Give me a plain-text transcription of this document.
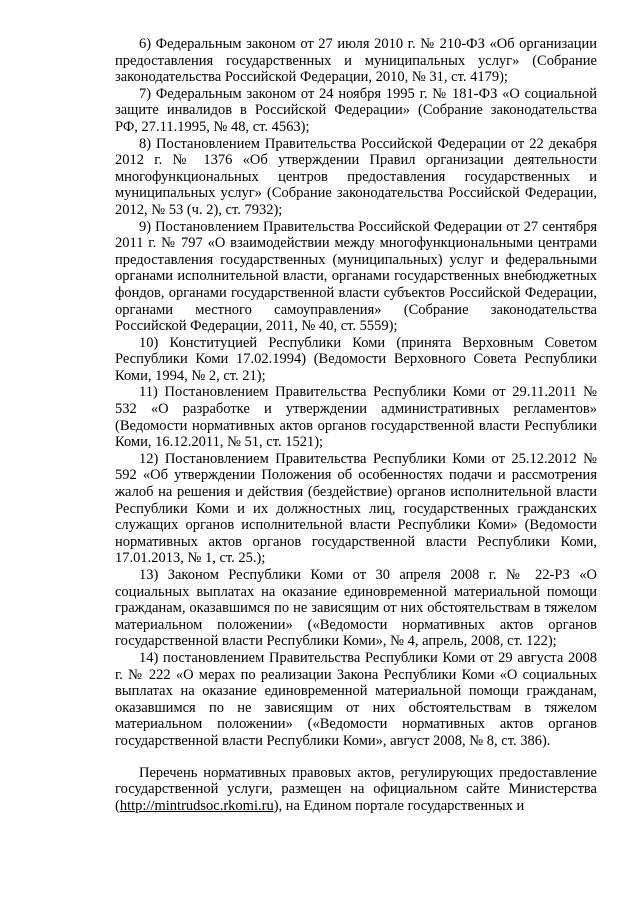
6) Федеральным законом от 27 июля 2010 г. № 210-ФЗ «Об организации предоставления государственных и муниципальных услуг» (Собрание законодательства Российской Федерации, 2010, № 31, ст. 4179);

7) Федеральным законом от 24 ноября 1995 г. № 181-ФЗ «О социальной защите инвалидов в Российской Федерации» (Собрание законодательства РФ, 27.11.1995, № 48, ст. 4563);

8) Постановлением Правительства Российской Федерации от 22 декабря 2012 г. № 1376 «Об утверждении Правил организации деятельности многофункциональных центров предоставления государственных и муниципальных услуг» (Собрание законодательства Российской Федерации, 2012, № 53 (ч. 2), ст. 7932);

9) Постановлением Правительства Российской Федерации от 27 сентября 2011 г. № 797 «О взаимодействии между многофункциональными центрами предоставления государственных (муниципальных) услуг и федеральными органами исполнительной власти, органами государственных внебюджетных фондов, органами государственной власти субъектов Российской Федерации, органами местного самоуправления» (Собрание законодательства Российской Федерации, 2011, № 40, ст. 5559);

10) Конституцией Республики Коми (принята Верховным Советом Республики Коми 17.02.1994) (Ведомости Верховного Совета Республики Коми, 1994, № 2, ст. 21);

11) Постановлением Правительства Республики Коми от 29.11.2011 № 532 «О разработке и утверждении административных регламентов» (Ведомости нормативных актов органов государственной власти Республики Коми, 16.12.2011, № 51, ст. 1521);

12) Постановлением Правительства Республики Коми от 25.12.2012 № 592 «Об утверждении Положения об особенностях подачи и рассмотрения жалоб на решения и действия (бездействие) органов исполнительной власти Республики Коми и их должностных лиц, государственных гражданских служащих органов исполнительной власти Республики Коми» (Ведомости нормативных актов органов государственной власти Республики Коми, 17.01.2013, № 1, ст. 25.);

13) Законом Республики Коми от 30 апреля 2008 г. № 22-РЗ «О социальных выплатах на оказание единовременной материальной помощи гражданам, оказавшимся по не зависящим от них обстоятельствам в тяжелом материальном положении» («Ведомости нормативных актов органов государственной власти Республики Коми», № 4, апрель, 2008, ст. 122);

14) постановлением Правительства Республики Коми от 29 августа 2008 г. № 222 «О мерах по реализации Закона Республики Коми «О социальных выплатах на оказание единовременной материальной помощи гражданам, оказавшимся по не зависящим от них обстоятельствам в тяжелом материальном положении» («Ведомости нормативных актов органов государственной власти Республики Коми», август 2008, № 8, ст. 386).

Перечень нормативных правовых актов, регулирующих предоставление государственной услуги, размещен на официальном сайте Министерства (http://mintrudsoc.rkomi.ru), на Едином портале государственных и
